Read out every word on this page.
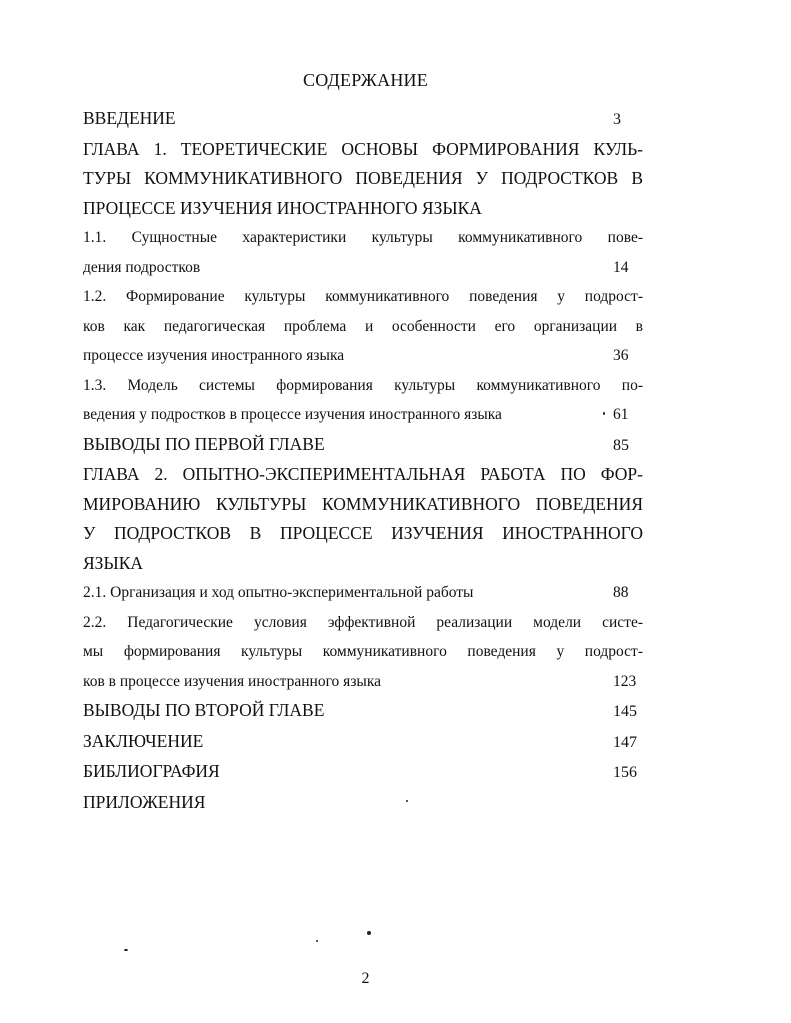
СОДЕРЖАНИЕ
ВВЕДЕНИЕ	3
ГЛАВА 1. ТЕОРЕТИЧЕСКИЕ ОСНОВЫ ФОРМИРОВАНИЯ КУЛЬ-
ТУРЫ КОММУНИКАТИВНОГО ПОВЕДЕНИЯ У ПОДРОСТКОВ В
ПРОЦЕССЕ ИЗУЧЕНИЯ ИНОСТРАННОГО ЯЗЫКА
1.1. Сущностные характеристики культуры коммуникативного пове-
дения подростков	14
1.2. Формирование культуры коммуникативного поведения у подрост-
ков как педагогическая проблема и особенности его организации в
процессе изучения иностранного языка	36
1.3. Модель системы формирования культуры коммуникативного по-
ведения у подростков в процессе изучения иностранного языка	61
ВЫВОДЫ ПО ПЕРВОЙ ГЛАВЕ	85
ГЛАВА 2. ОПЫТНО-ЭКСПЕРИМЕНТАЛЬНАЯ РАБОТА ПО ФОР-
МИРОВАНИЮ КУЛЬТУРЫ КОММУНИКАТИВНОГО ПОВЕДЕНИЯ
У ПОДРОСТКОВ В ПРОЦЕССЕ ИЗУЧЕНИЯ ИНОСТРАННОГО
ЯЗЫКА
2.1. Организация и ход опытно-экспериментальной работы	88
2.2. Педагогические условия эффективной реализации модели систе-
мы формирования культуры коммуникативного поведения у подрост-
ков в процессе изучения иностранного языка	123
ВЫВОДЫ ПО ВТОРОЙ ГЛАВЕ	145
ЗАКЛЮЧЕНИЕ	147
БИБЛИОГРАФИЯ	156
ПРИЛОЖЕНИЯ
2
